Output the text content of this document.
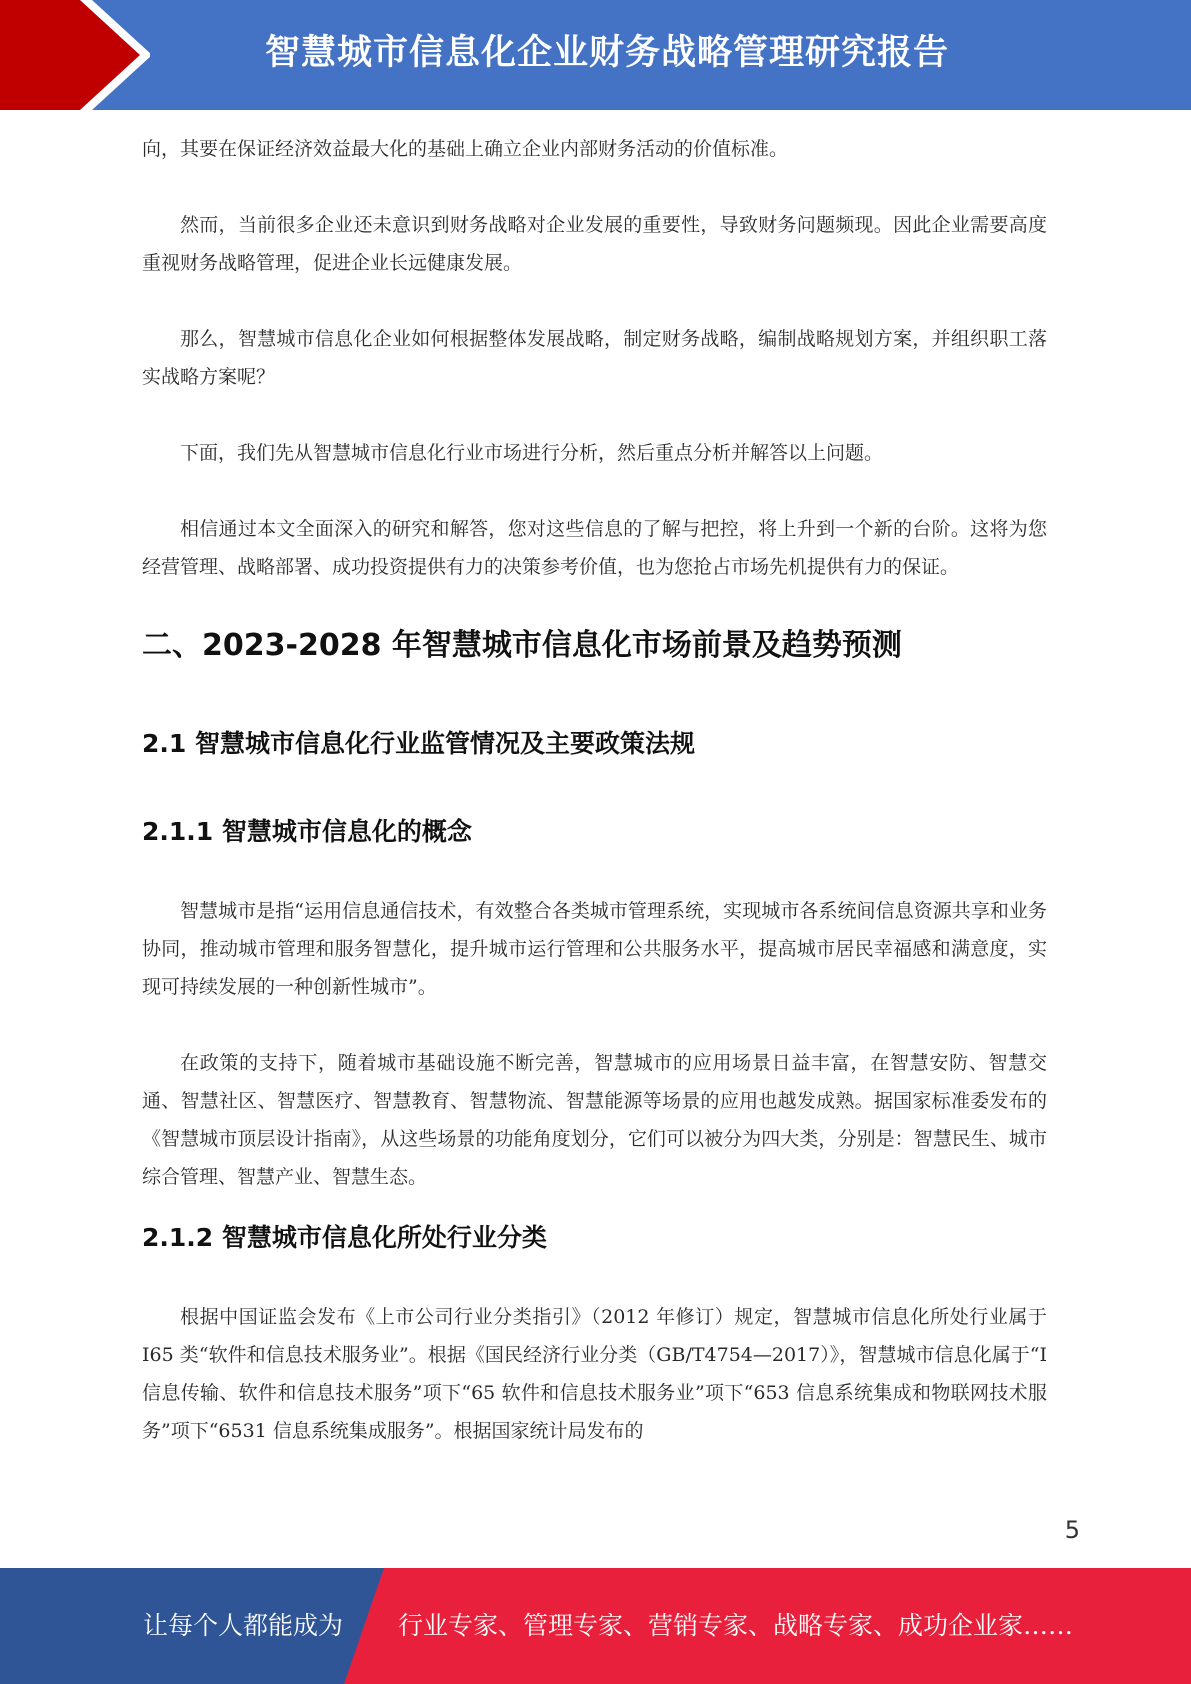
智慧城市信息化企业财务战略管理研究报告

向，其要在保证经济效益最大化的基础上确立企业内部财务活动的价值标准。

然而，当前很多企业还未意识到财务战略对企业发展的重要性，导致财务问题频现。因此企业需要高度重视财务战略管理，促进企业长远健康发展。

那么，智慧城市信息化企业如何根据整体发展战略，制定财务战略，编制战略规划方案，并组织职工落实战略方案呢？

下面，我们先从智慧城市信息化行业市场进行分析，然后重点分析并解答以上问题。

相信通过本文全面深入的研究和解答，您对这些信息的了解与把控，将上升到一个新的台阶。这将为您经营管理、战略部署、成功投资提供有力的决策参考价值，也为您抢占市场先机提供有力的保证。

二、2023-2028 年智慧城市信息化市场前景及趋势预测
2.1 智慧城市信息化行业监管情况及主要政策法规
2.1.1 智慧城市信息化的概念

智慧城市是指“运用信息通信技术，有效整合各类城市管理系统，实现城市各系统间信息资源共享和业务协同，推动城市管理和服务智慧化，提升城市运行管理和公共服务水平，提高城市居民幸福感和满意度，实现可持续发展的一种创新性城市”。

在政策的支持下，随着城市基础设施不断完善，智慧城市的应用场景日益丰富，在智慧安防、智慧交通、智慧社区、智慧医疗、智慧教育、智慧物流、智慧能源等场景的应用也越发成熟。据国家标准委发布的《智慧城市顶层设计指南》，从这些场景的功能角度划分，它们可以被分为四大类，分别是：智慧民生、城市综合管理、智慧产业、智慧生态。

2.1.2 智慧城市信息化所处行业分类

根据中国证监会发布《上市公司行业分类指引》（2012 年修订）规定，智慧城市信息化所处行业属于 I65 类“软件和信息技术服务业”。根据《国民经济行业分类（GB/T4754—2017）》，智慧城市信息化属于“I 信息传输、软件和信息技术服务”项下“65 软件和信息技术服务业”项下“653 信息系统集成和物联网技术服务”项下“6531 信息系统集成服务”。根据国家统计局发布的

5
让每个人都能成为 行业专家、管理专家、营销专家、战略专家、成功企业家……
